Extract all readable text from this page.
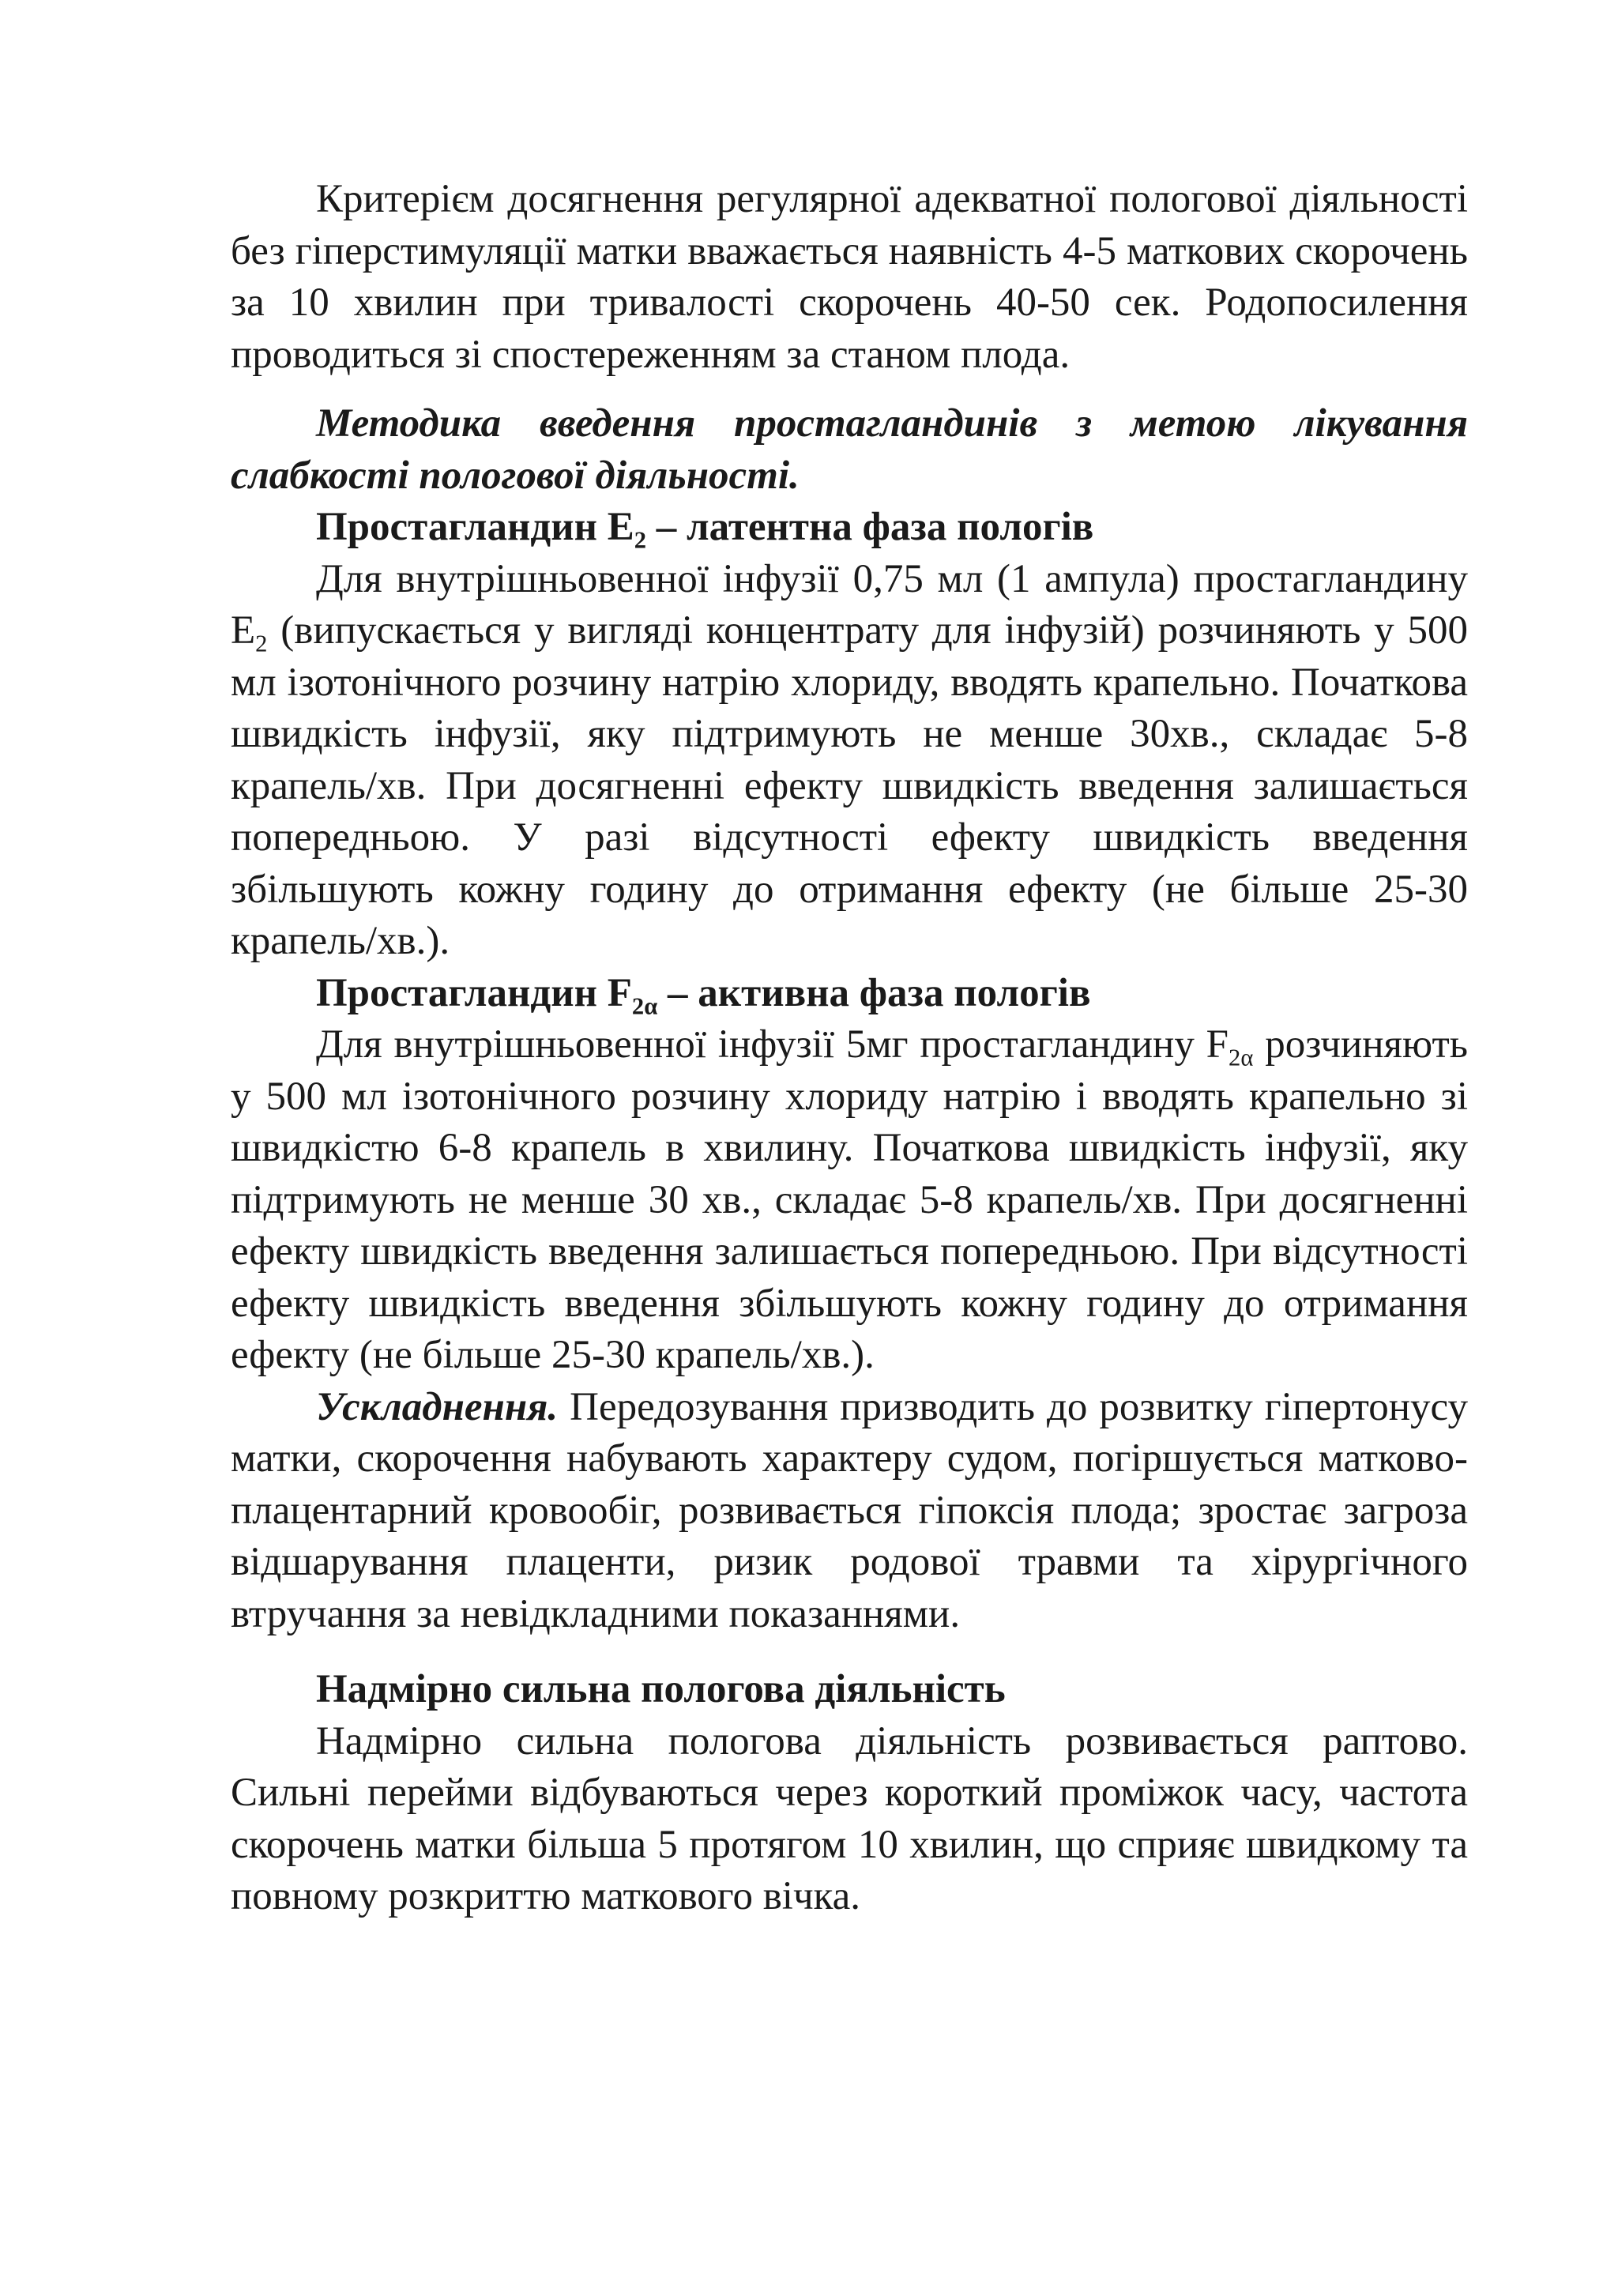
Критерієм досягнення регулярної адекватної пологової діяльності без гіперстимуляції матки вважається наявність 4-5 маткових скорочень за 10 хвилин при тривалості скорочень 40-50 сек. Родопосилення проводиться зі спостереженням за станом плода.

Методика введення простагландинів з метою лікування слабкості пологової діяльності.

Простагландин $E_2$ – латентна фаза пологів

Для внутрішньовенної інфузії 0,75 мл (1 ампула) простагландину $E_2$ (випускається у вигляді концентрату для інфузій) розчиняють у 500 мл ізотонічного розчину натрію хлориду, вводять крапельно. Початкова швидкість інфузії, яку підтримують не менше 30хв., складає 5-8 крапель/хв. При досягненні ефекту швидкість введення залишається попередньою. У разі відсутності ефекту швидкість введення збільшують кожну годину до отримання ефекту (не більше 25-30 крапель/хв.).

Простагландин $F_{2\alpha}$ – активна фаза пологів

Для внутрішньовенної інфузії 5мг простагландину $F_{2\alpha}$ розчиняють у 500 мл ізотонічного розчину хлориду натрію і вводять крапельно зі швидкістю 6-8 крапель в хвилину. Початкова швидкість інфузії, яку підтримують не менше 30 хв., складає 5-8 крапель/хв. При досягненні ефекту швидкість введення залишається попередньою. При відсутності ефекту швидкість введення збільшують кожну годину до отримання ефекту (не більше 25-30 крапель/хв.).

Ускладнення. Передозування призводить до розвитку гіпертонусу матки, скорочення набувають характеру судом, погіршується матково-плацентарний кровообіг, розвивається гіпоксія плода; зростає загроза відшарування плаценти, ризик родової травми та хірургічного втручання за невідкладними показаннями.

Надмірно сильна пологова діяльність

Надмірно сильна пологова діяльність розвивається раптово. Сильні перейми відбуваються через короткий проміжок часу, частота скорочень матки більша 5 протягом 10 хвилин, що сприяє швидкому та повному розкриттю маткового вічка.
